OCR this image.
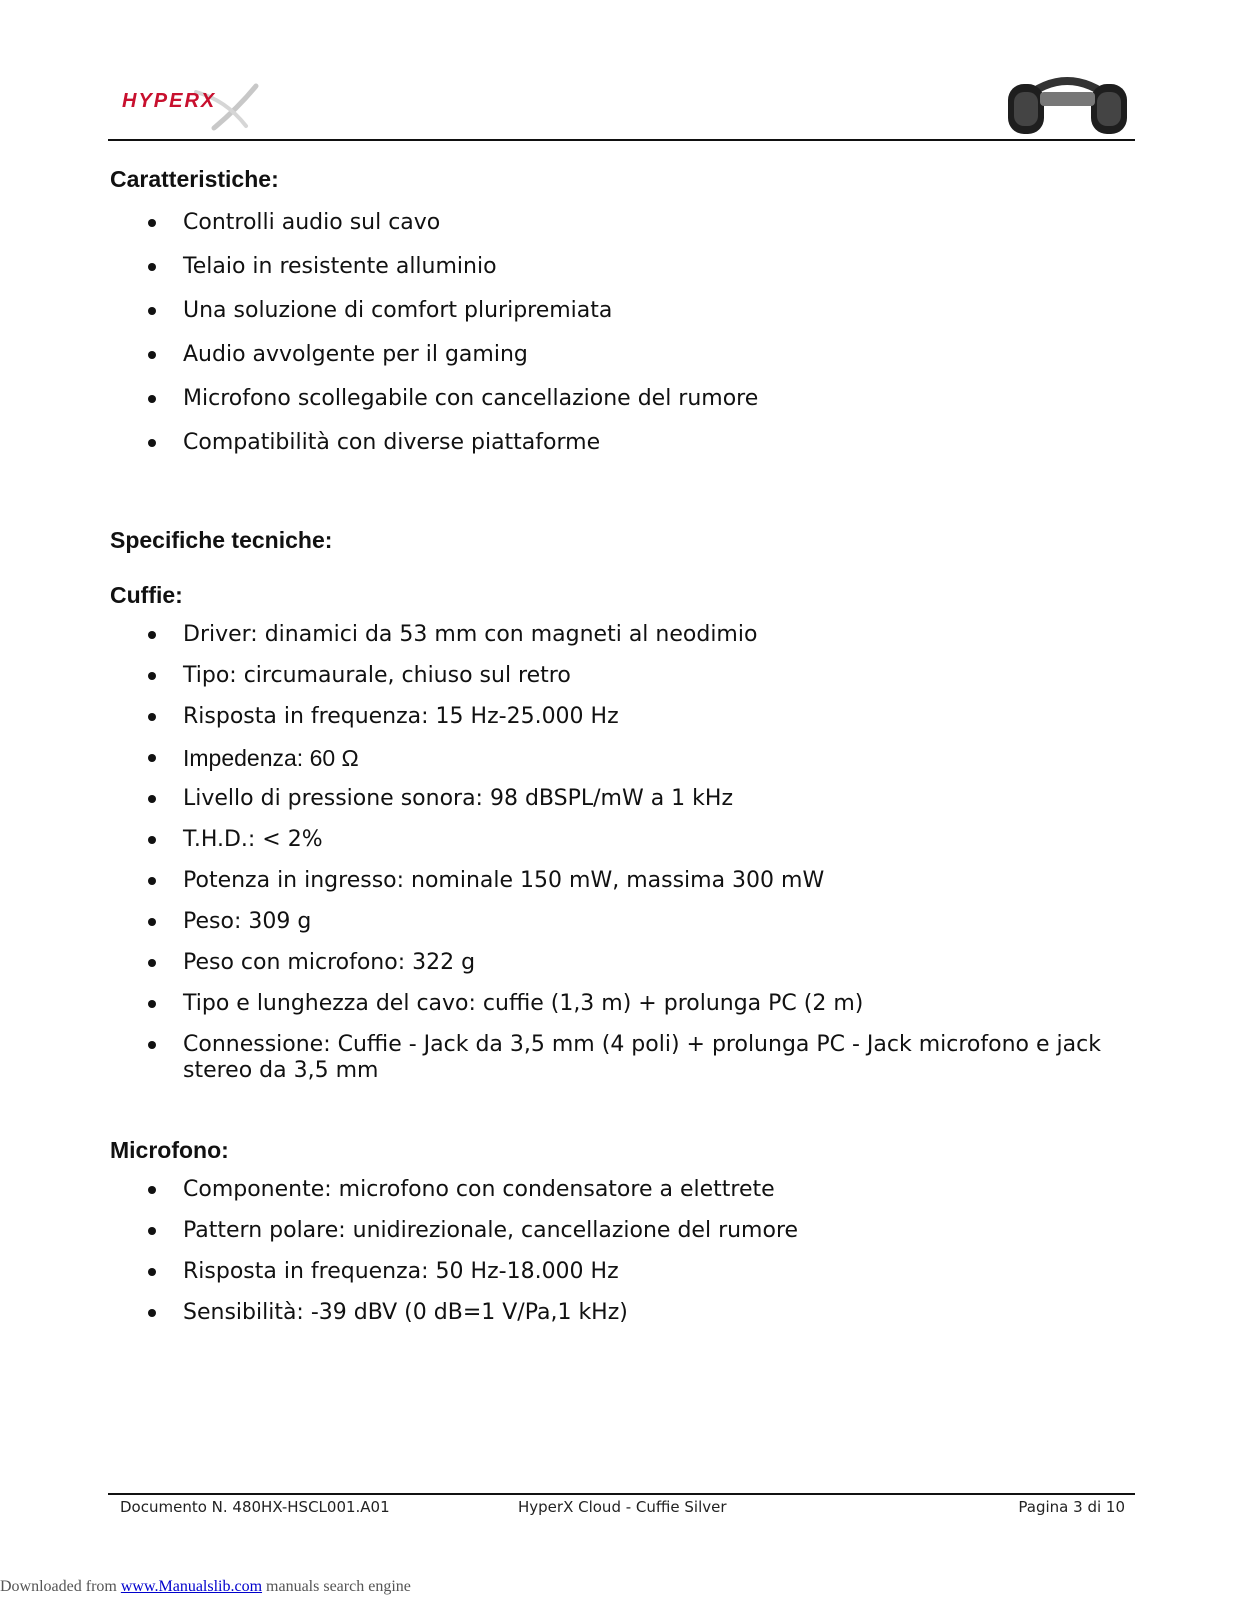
HYPERX
Caratteristiche:
Controlli audio sul cavo
Telaio in resistente alluminio
Una soluzione di comfort pluripremiata
Audio avvolgente per il gaming
Microfono scollegabile con cancellazione del rumore
Compatibilità con diverse piattaforme
Specifiche tecniche:
Cuffie:
Driver: dinamici da 53 mm con magneti al neodimio
Tipo: circumaurale, chiuso sul retro
Risposta in frequenza: 15 Hz-25.000 Hz
Impedenza: 60 Ω
Livello di pressione sonora: 98 dBSPL/mW a 1 kHz
T.H.D.: < 2%
Potenza in ingresso: nominale 150 mW, massima 300 mW
Peso: 309 g
Peso con microfono: 322 g
Tipo e lunghezza del cavo: cuffie (1,3 m) + prolunga PC (2 m)
Connessione: Cuffie - Jack da 3,5 mm (4 poli) + prolunga PC - Jack microfono e jack stereo da 3,5 mm
Microfono:
Componente: microfono con condensatore a elettrete
Pattern polare: unidirezionale, cancellazione del rumore
Risposta in frequenza: 50 Hz-18.000 Hz
Sensibilità: -39 dBV (0 dB=1 V/Pa,1 kHz)
Documento N. 480HX-HSCL001.A01	HyperX Cloud - Cuffie Silver	Pagina 3 di 10
Downloaded from www.Manualslib.com manuals search engine
